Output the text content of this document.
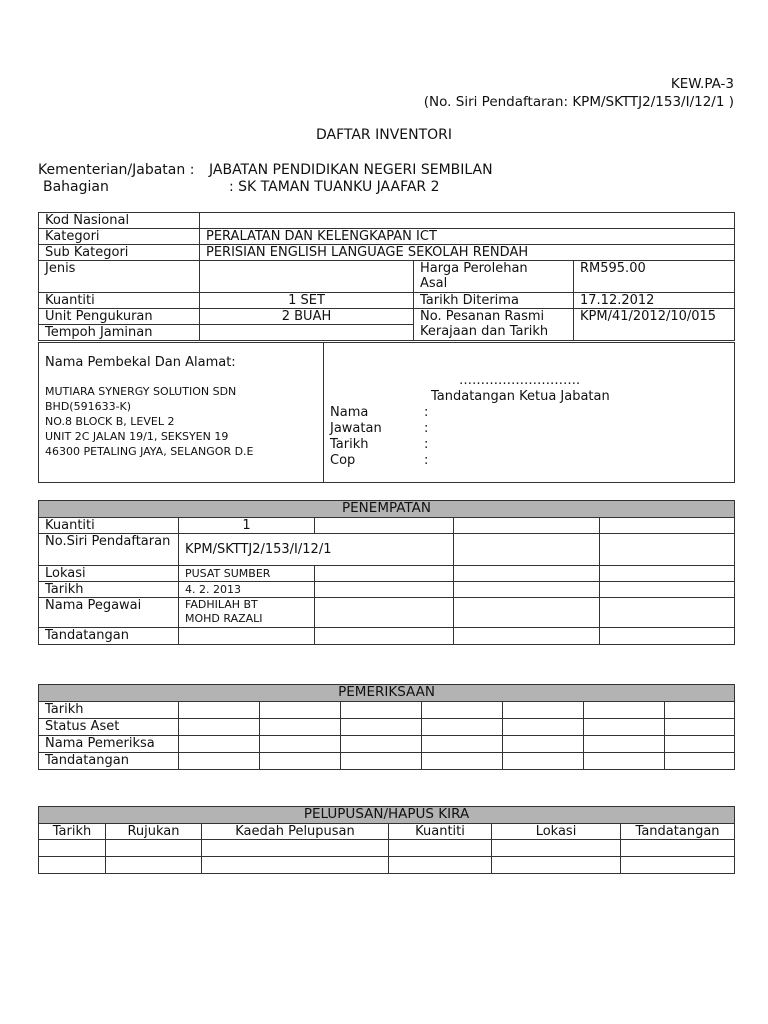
KEW.PA-3
(No. Siri Pendaftaran: KPM/SKTTJ2/153/I/12/1 )
DAFTAR INVENTORI
Kementerian/Jabatan : JABATAN PENDIDIKAN NEGERI SEMBILAN
Bahagian	: SK TAMAN TUANKU JAAFAR 2
Kod Nasional			
Kategori	PERALATAN DAN KELENGKAPAN ICT		
Sub Kategori	PERISIAN ENGLISH LANGUAGE SEKOLAH RENDAH		
Jenis		Harga Perolehan Asal	RM595.00
Kuantiti	1 SET	Tarikh Diterima	17.12.2012
Unit Pengukuran	2 BUAH	No. Pesanan Rasmi Kerajaan dan Tarikh	KPM/41/2012/10/015
Tempoh Jaminan			
Nama Pembekal Dan Alamat:
MUTIARA SYNERGY SOLUTION SDN
BHD(591633-K)
NO.8 BLOCK B, LEVEL 2
UNIT 2C JALAN 19/1, SEKSYEN 19
46300 PETALING JAYA, SELANGOR D.E

……………………….
Tandatangan Ketua Jabatan
Nama	:
Jawatan	:
Tarikh	:
Cop	:
PENEMPATAN				
Kuantiti	1			
No.Siri Pendaftaran	KPM/SKTTJ2/153/I/12/1			
Lokasi	PUSAT SUMBER			
Tarikh	4. 2. 2013			
Nama Pegawai	FADHILAH BT
MOHD RAZALI			

Tandatangan				
PEMERIKSAAN							
Tarikh							
Status Aset							
Nama Pemeriksa							
Tandatangan							
PELUPUSAN/HAPUS KIRA					
Tarikh	Rujukan	Kaedah Pelupusan	Kuantiti	Lokasi	Tandatangan
